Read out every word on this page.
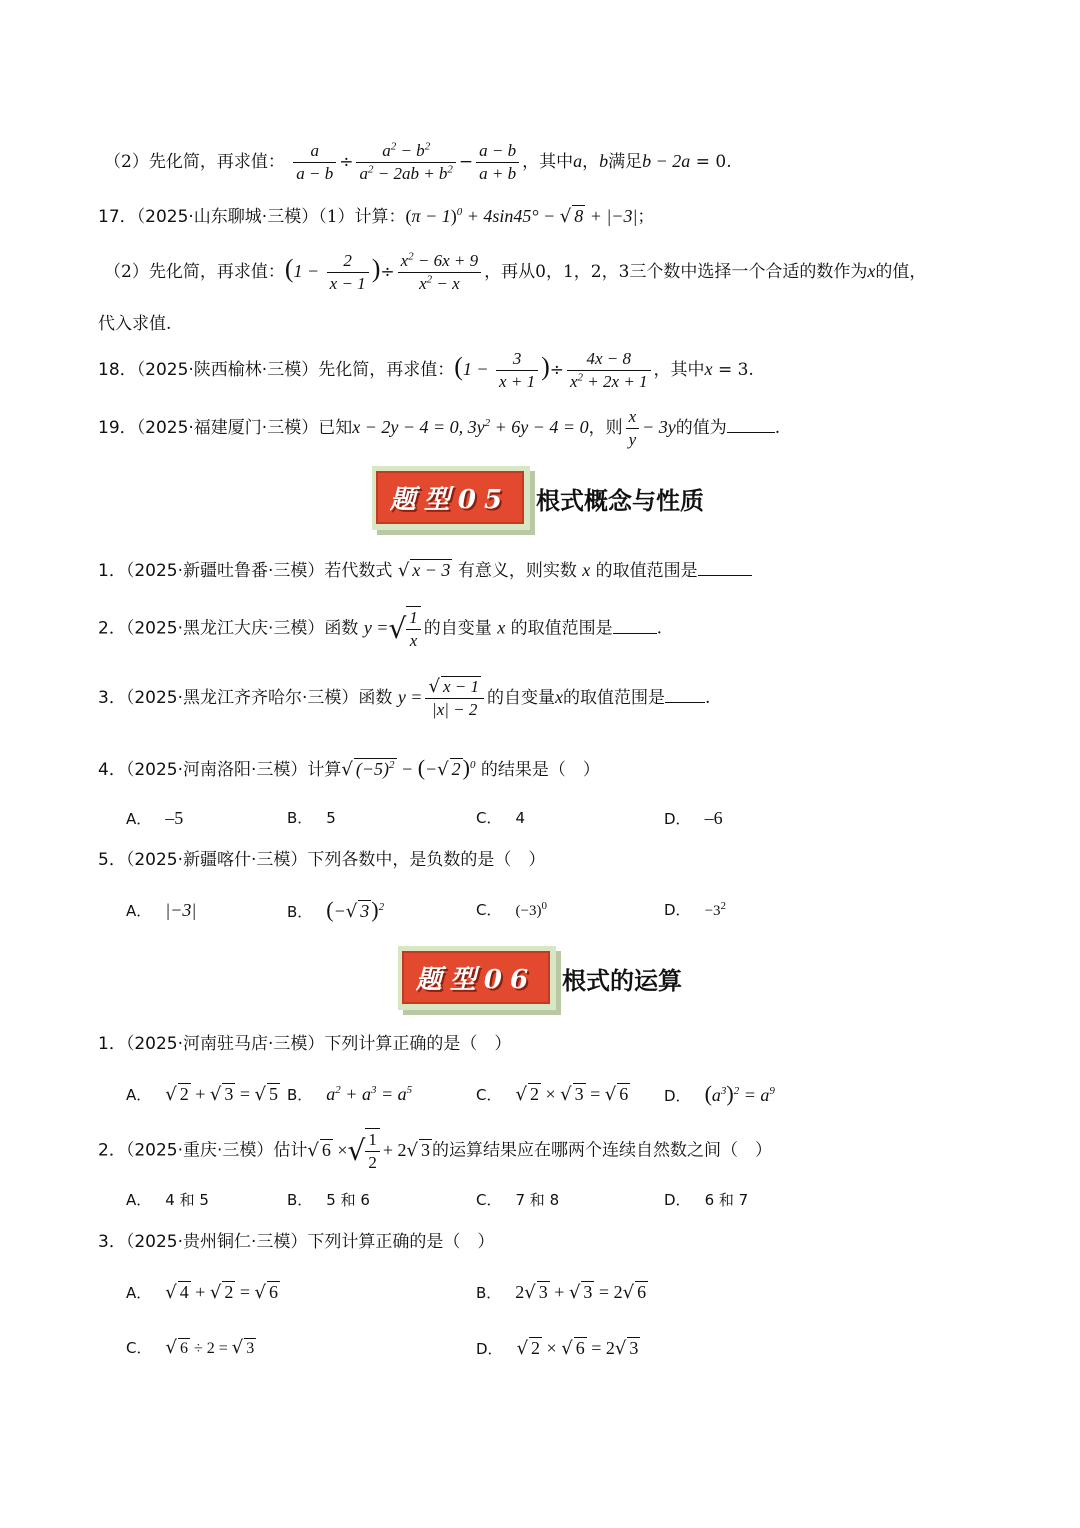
（2）先化简，再求值： $\frac{a}{a - b} \div \frac{a^2 - b^2}{a^2 - 2ab + b^2} - \frac{a - b}{a + b}$ ，其中a，b满足b − 2a = 0.
17．（2025·山东聊城·三模）（1）计算：$(\pi - 1)^0 + 4\sin 45^\circ$ − √ 8 + |−3|；
（2）先化简，再求值：($1 - \frac{2}{x - 1}$ )÷ $\frac{x^2 - 6x + 9}{x^2 - x}$ ，再从0，1，2，3三个数中选择一个合适的数作为x的值，
代入求值.
18．（2025·陕西榆林·三模）先化简，再求值：($1 - \frac{3}{x + 1}$ )÷ $\frac{4x - 8}{x^2 + 2x + 1}$ ，其中x = 3.
19．（2025·福建厦门·三模）已知x − 2y − 4 = 0, $3y^2 + 6y - 4 = 0$，则 $\frac{x}{y} - 3y$的值为	.
题型05	根式概念与性质
1．（2025·新疆吐鲁番·三模）若代数式 √ x − 3 有意义，则实数 x 的取值范围是
2．（2025·黑龙江大庆·三模）函数 y =√ $\frac{1}{x}$ 的自变量 x 的取值范围是	.
3．（2025·黑龙江齐齐哈尔·三模）函数 $y = \frac{√ x - 1}{|x| - 2}$ 的自变量x的取值范围是 .
4．（2025·河南洛阳·三模）计算√ $(-5)^2$ − (−√ 2)$^0$ 的结果是（　）
A． –5	B． 5	C． 4	D． –6
5．（2025·新疆喀什·三模）下列各数中，是负数的是（　）
A． |−3|	B． (−√ 3)$^2$	C． $(-3)^0$	D． $-3^2$
题型06	根式的运算
1．（2025·河南驻马店·三模）下列计算正确的是（　）
A． √ 2 + √ 3 = √ 5 B． $a^2 + a^3 = a^5$	C． √ 2 × √ 3 = √ 6 D． $(a^3)^2 = a^9$
2．（2025·重庆·三模）估计√ 6 ×√ $\frac{1}{2} + 2√$ 3 的运算结果应在哪两个连续自然数之间（　）
A． 4 和 5	B． 5 和 6	C． 7 和 8	D． 6 和 7
3．（2025·贵州铜仁·三模）下列计算正确的是（　）
A． √ 4 + √ 2 = √ 6	B． 2√ 3 + √ 3 = 2√ 6
C． √ 6 ÷ 2 = √ 3	D． √ 2 × √ 6 = 2√ 3
